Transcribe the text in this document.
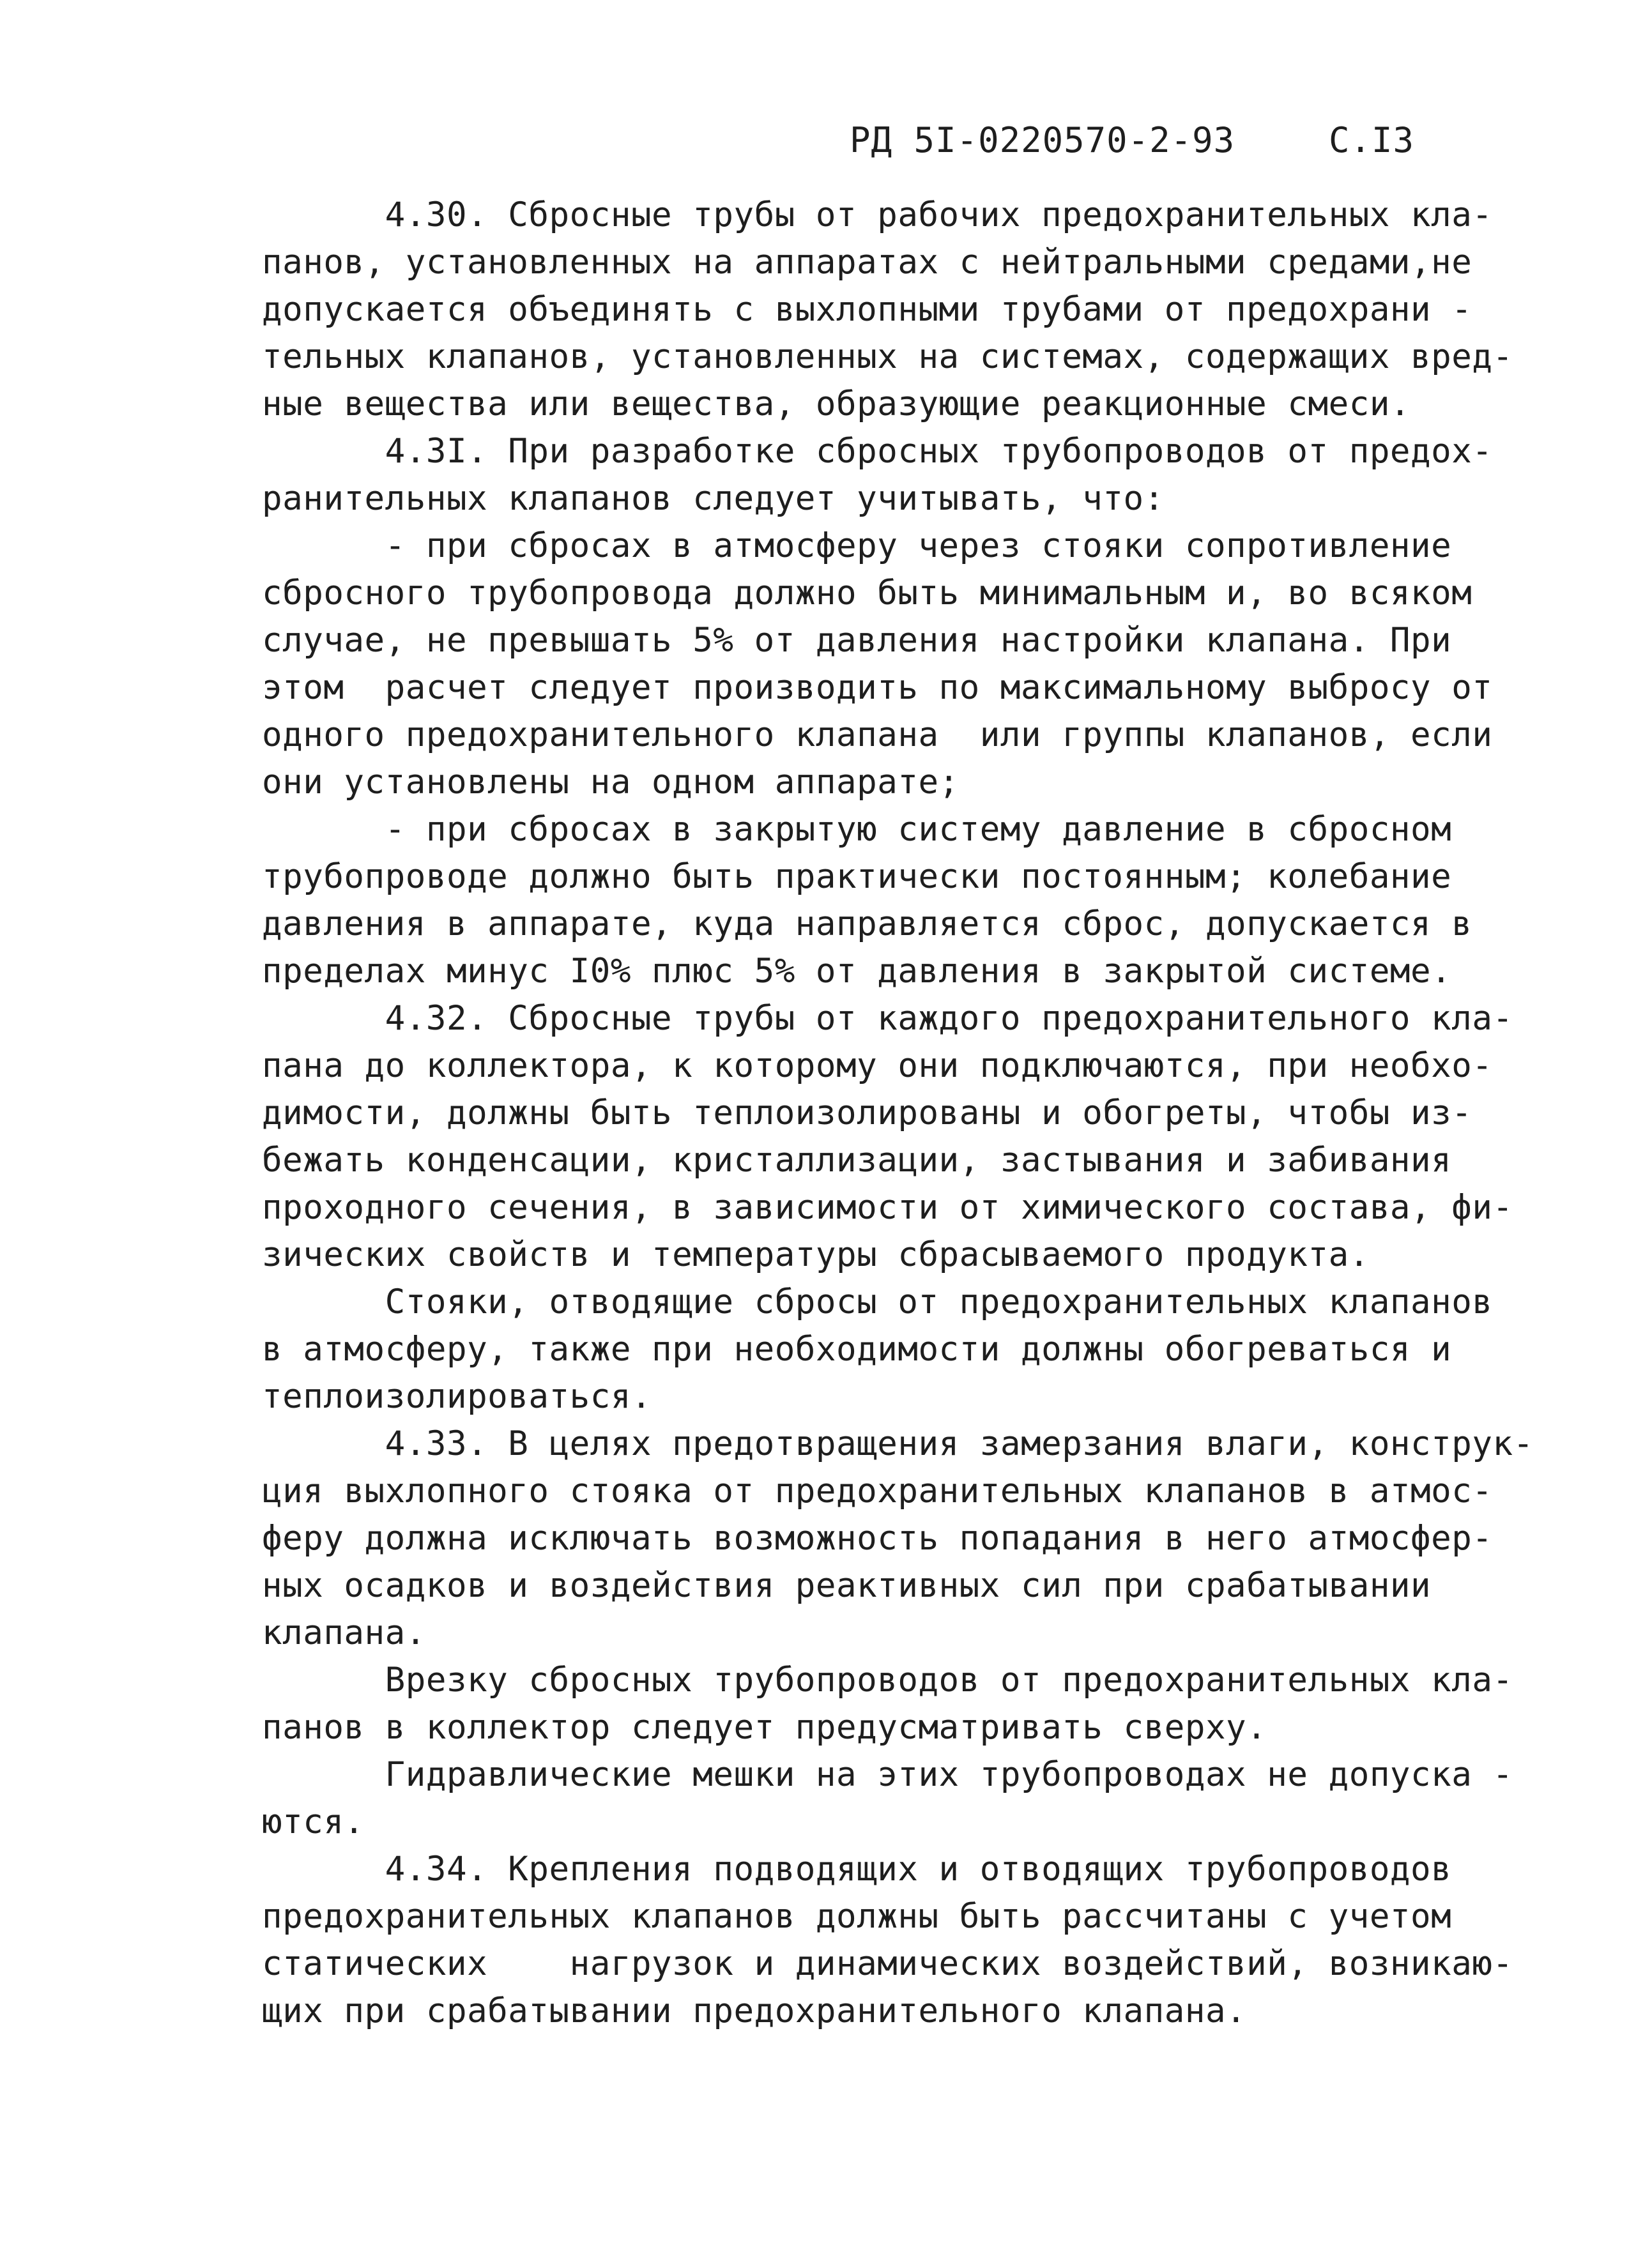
РД 5I-0220570-2-93	С.I3
4.30. Сбросные трубы от рабочих предохранительных кла-
панов, установленных на аппаратах с нейтральными средами,не
допускается объединять с выхлопными трубами от предохрани -
тельных клапанов, установленных на системах, содержащих вред-
ные вещества или вещества, образующие реакционные смеси.
4.3I. При разработке сбросных трубопроводов от предох-
ранительных клапанов следует учитывать, что:
- при сбросах в атмосферу через стояки сопротивление
сбросного трубопровода должно быть минимальным и, во всяком
случае, не превышать 5% от давления настройки клапана. При
этом  расчет следует производить по максимальному выбросу от
одного предохранительного клапана  или группы клапанов, если
они установлены на одном аппарате;
- при сбросах в закрытую систему давление в сбросном
трубопроводе должно быть практически постоянным; колебание
давления в аппарате, куда направляется сброс, допускается в
пределах минус I0% плюс 5% от давления в закрытой системе.
4.32. Сбросные трубы от каждого предохранительного кла-
пана до коллектора, к которому они подключаются, при необхо-
димости, должны быть теплоизолированы и обогреты, чтобы из-
бежать конденсации, кристаллизации, застывания и забивания
проходного сечения, в зависимости от химического состава, фи-
зических свойств и температуры сбрасываемого продукта.
Стояки, отводящие сбросы от предохранительных клапанов
в атмосферу, также при необходимости должны обогреваться и
теплоизолироваться.
4.33. В целях предотвращения замерзания влаги, конструк-
ция выхлопного стояка от предохранительных клапанов в атмос-
феру должна исключать возможность попадания в него атмосфер-
ных осадков и воздействия реактивных сил при срабатывании
клапана.
Врезку сбросных трубопроводов от предохранительных кла-
панов в коллектор следует предусматривать сверху.
Гидравлические мешки на этих трубопроводах не допуска -
ются.
4.34. Крепления подводящих и отводящих трубопроводов
предохранительных клапанов должны быть рассчитаны с учетом
статических    нагрузок и динамических воздействий, возникаю-
щих при срабатывании предохранительного клапана.
